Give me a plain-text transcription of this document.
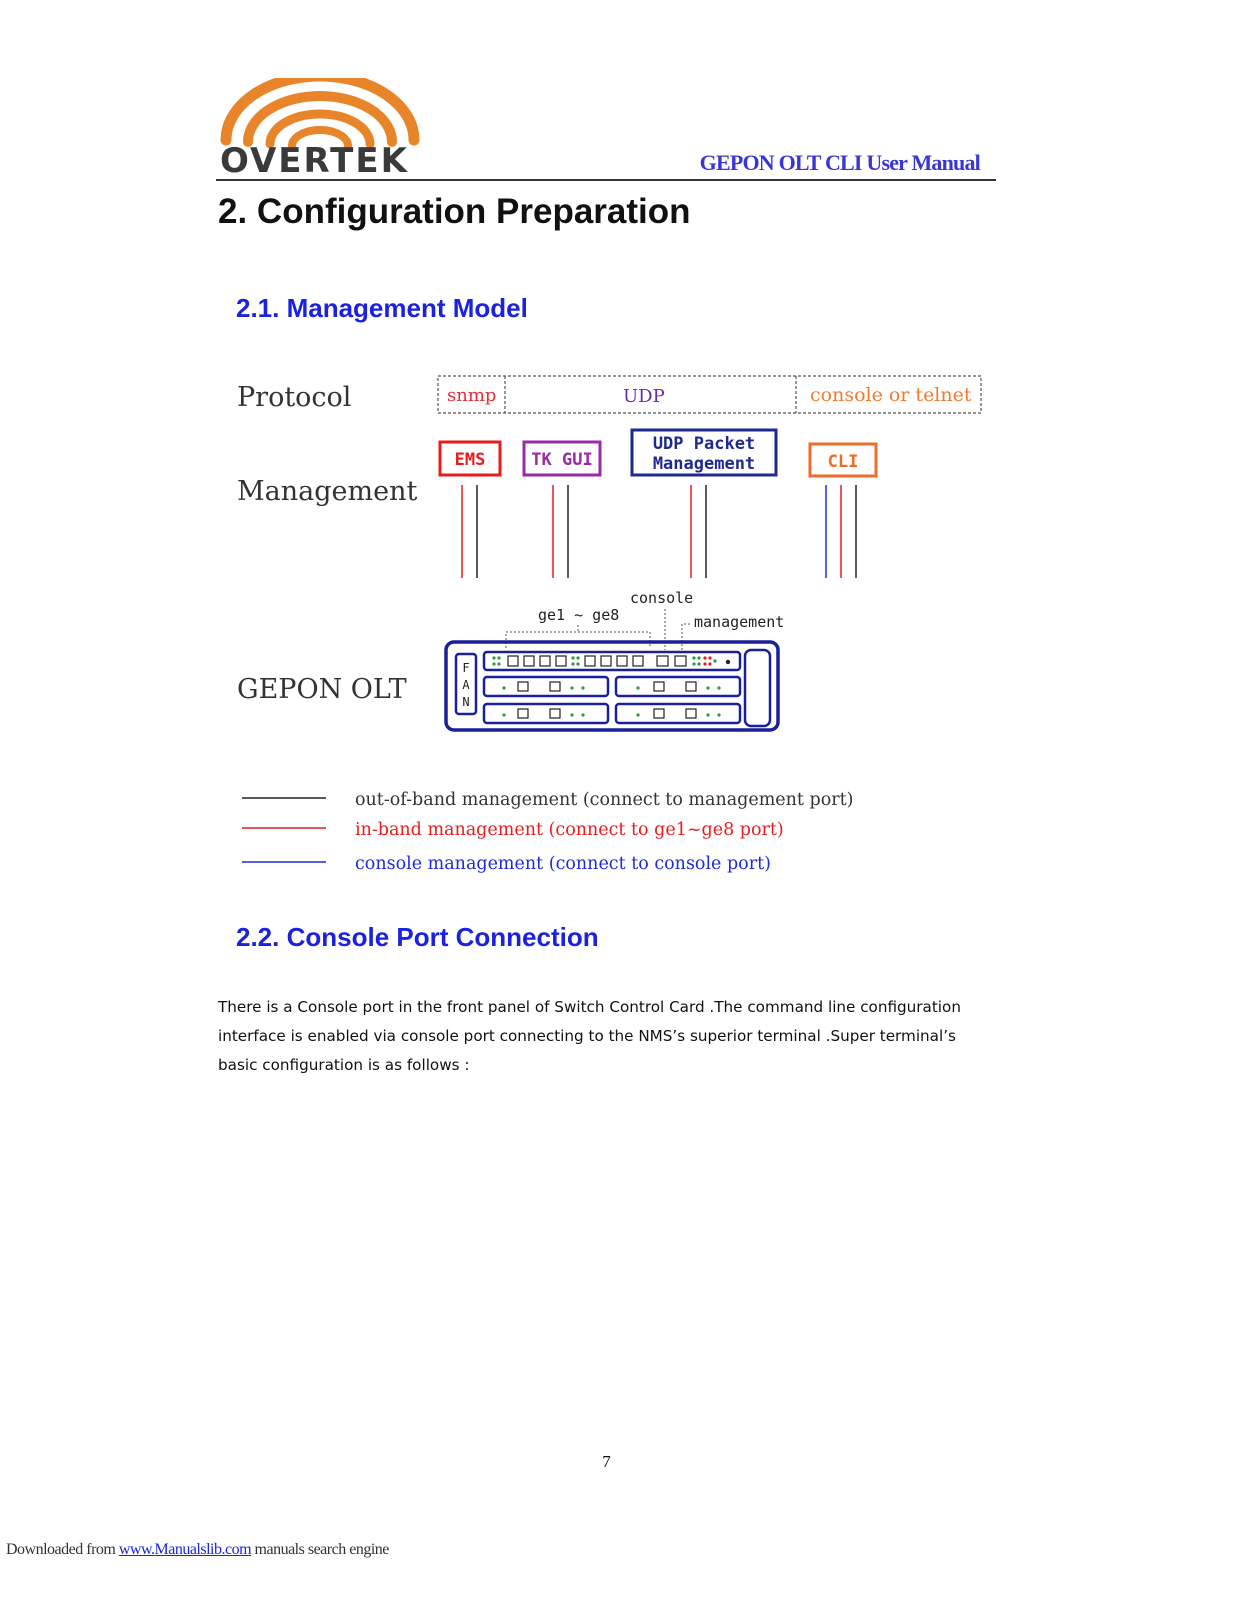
OVERTEK	GEPON OLT CLI User Manual
2. Configuration Preparation
2.1. Management Model
Protocol
Management
GEPON OLT
snmp	UDP	console or telnet
EMS	TK GUI
UDP Packet
Management	CLI
ge1 ~ ge8
console
management
F
A
N
out-of-band management (connect to management port)
in-band management (connect to ge1~ge8 port)
console management (connect to console port)
2.2. Console Port Connection

There is a Console port in the front panel of Switch Control Card .The command line configuration interface is enabled via console port connecting to the NMS’s superior terminal .Super terminal’s basic configuration is as follows :

7
Downloaded from www.Manualslib.com manuals search engine
